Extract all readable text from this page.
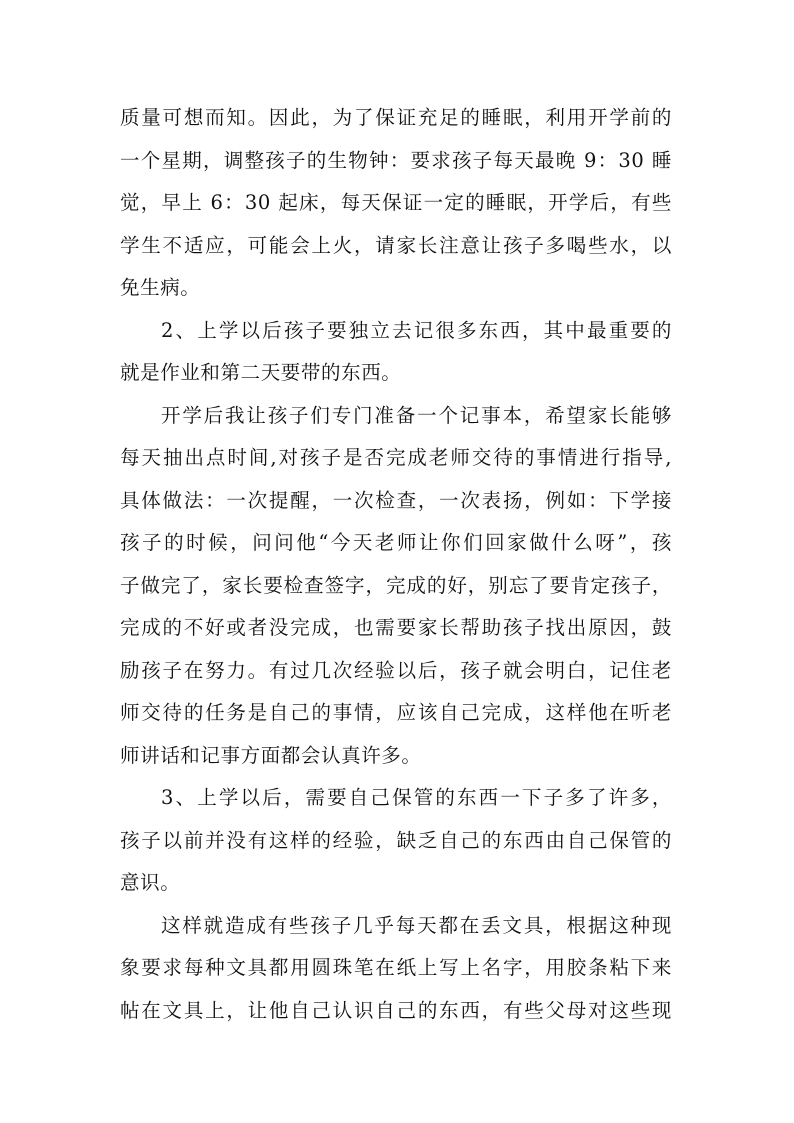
质量可想而知。因此，为了保证充足的睡眠，利用开学前的
一个星期，调整孩子的生物钟：要求孩子每天最晚 9：30 睡
觉，早上 6：30 起床，每天保证一定的睡眠，开学后，有些
学生不适应，可能会上火，请家长注意让孩子多喝些水，以
免生病。
2、上学以后孩子要独立去记很多东西，其中最重要的
就是作业和第二天要带的东西。
开学后我让孩子们专门准备一个记事本，希望家长能够
每天抽出点时间,对孩子是否完成老师交待的事情进行指导,
具体做法：一次提醒，一次检查，一次表扬，例如：下学接
孩子的时候，问问他“今天老师让你们回家做什么呀”，孩
子做完了，家长要检查签字，完成的好，别忘了要肯定孩子，
完成的不好或者没完成，也需要家长帮助孩子找出原因，鼓
励孩子在努力。有过几次经验以后，孩子就会明白，记住老
师交待的任务是自己的事情，应该自己完成，这样他在听老
师讲话和记事方面都会认真许多。
3、上学以后，需要自己保管的东西一下子多了许多，
孩子以前并没有这样的经验，缺乏自己的东西由自己保管的
意识。
这样就造成有些孩子几乎每天都在丢文具，根据这种现
象要求每种文具都用圆珠笔在纸上写上名字，用胶条粘下来
帖在文具上，让他自己认识自己的东西，有些父母对这些现
